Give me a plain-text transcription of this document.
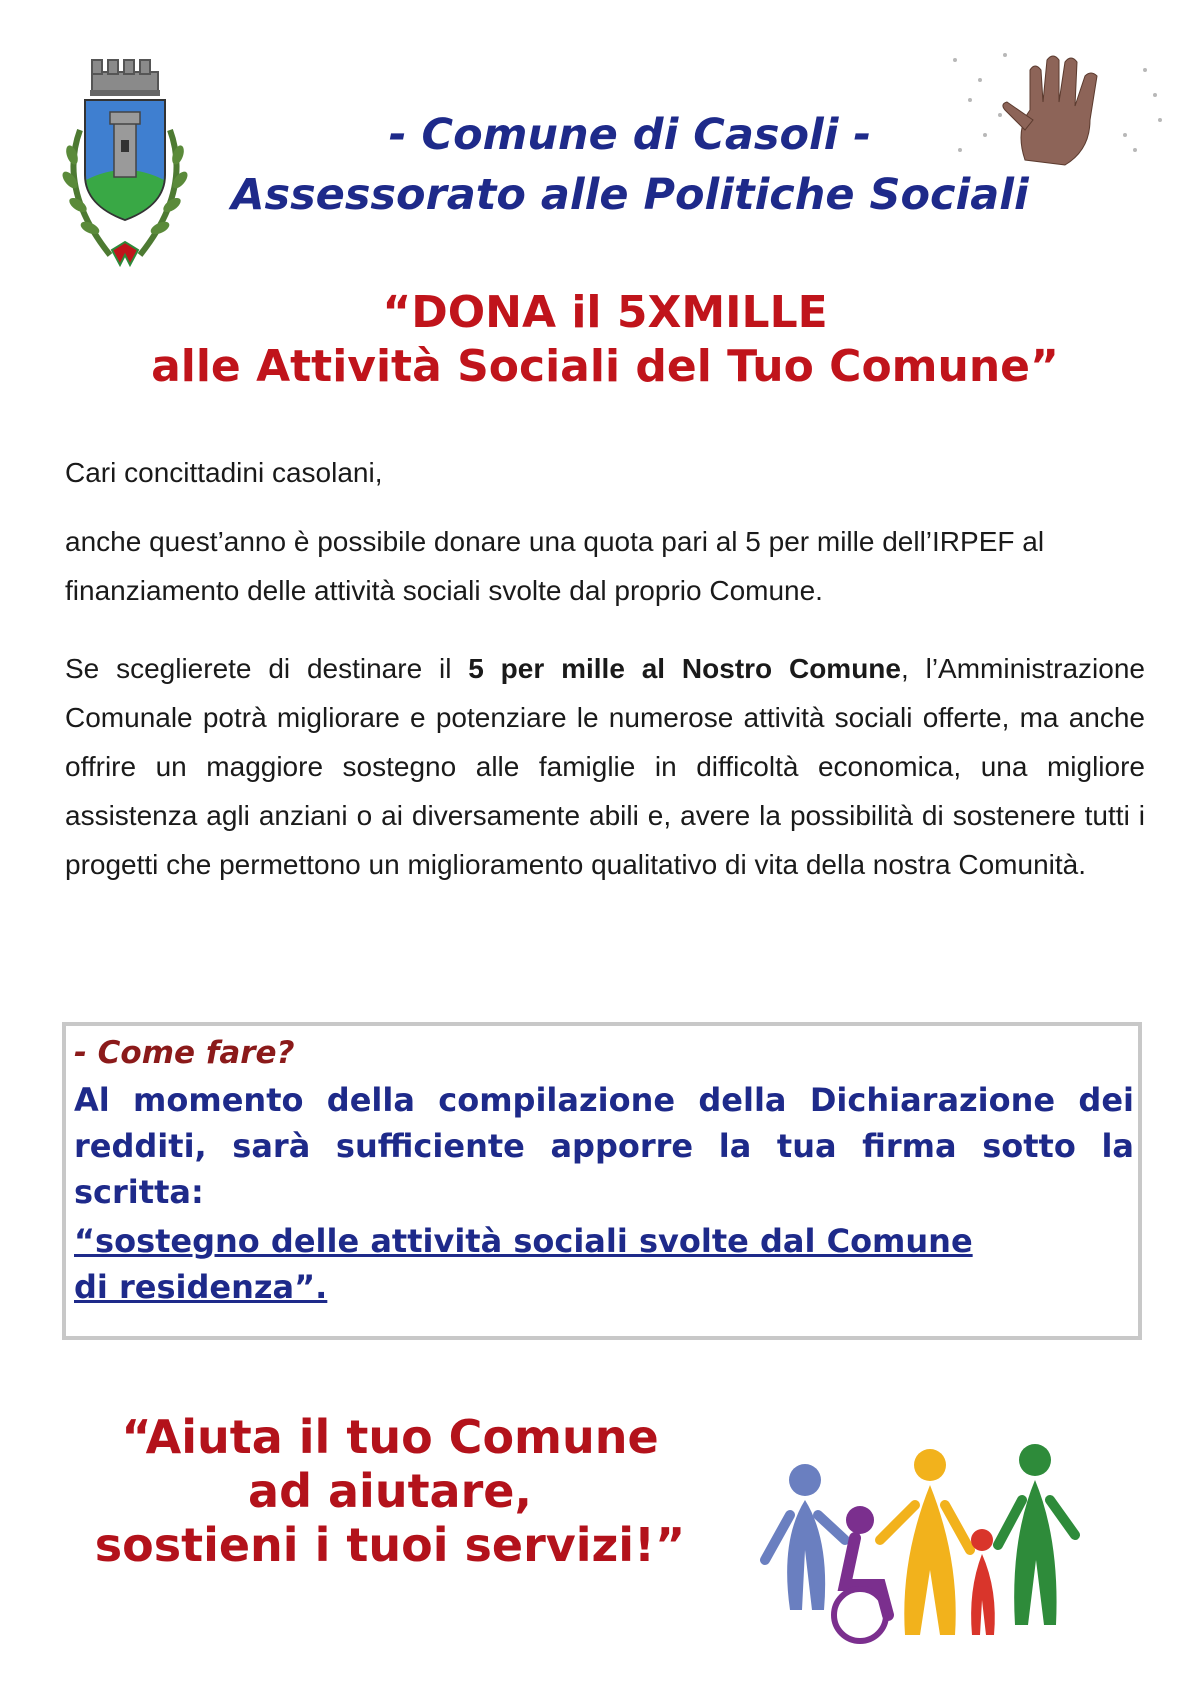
- Comune di Casoli -
Assessorato alle Politiche Sociali
“DONA il 5XMILLE
alle Attività Sociali del Tuo Comune”
Cari concittadini casolani,
anche quest’anno è possibile donare una quota pari al 5 per mille dell’IRPEF al finanziamento delle attività sociali svolte dal proprio Comune.
Se sceglierete di destinare il 5 per mille al Nostro Comune, l’Amministrazione Comunale potrà migliorare e potenziare le numerose attività sociali offerte, ma anche offrire un maggiore sostegno alle famiglie in difficoltà economica, una migliore assistenza agli anziani o ai diversamente abili e, avere la possibilità di sostenere tutti i progetti che permettono un miglioramento qualitativo di vita della nostra Comunità.
- Come fare?
Al momento della compilazione della Dichiarazione dei redditi, sarà sufficiente apporre la tua firma sotto la scritta:
“sostegno delle attività sociali svolte dal Comune
di residenza”.
“Aiuta il tuo Comune
ad aiutare,
sostieni i tuoi servizi!”
